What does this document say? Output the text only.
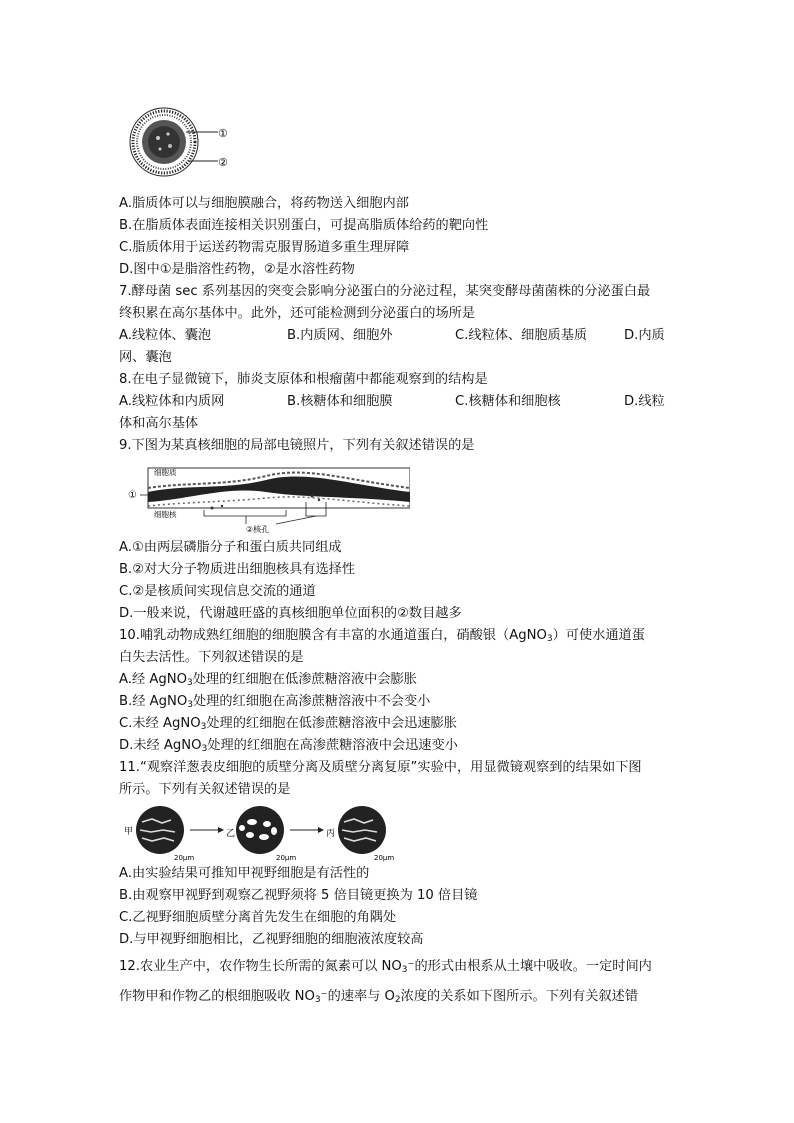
①
②
A.脂质体可以与细胞膜融合，将药物送入细胞内部
B.在脂质体表面连接相关识别蛋白，可提高脂质体给药的靶向性
C.脂质体用于运送药物需克服胃肠道多重生理屏障
D.图中①是脂溶性药物，②是水溶性药物
7.酵母菌 sec 系列基因的突变会影响分泌蛋白的分泌过程，某突变酵母菌菌株的分泌蛋白最
终积累在高尔基体中。此外，还可能检测到分泌蛋白的场所是
A.线粒体、囊泡	B.内质网、细胞外	C.线粒体、细胞质基质	D.内质
网、囊泡
8.在电子显微镜下，肺炎支原体和根瘤菌中都能观察到的结构是
A.线粒体和内质网	B.核糖体和细胞膜	C.核糖体和细胞核	D.线粒
体和高尔基体
9.下图为某真核细胞的局部电镜照片，下列有关叙述错误的是
细胞质
细胞核
①
②核孔
A.①由两层磷脂分子和蛋白质共同组成
B.②对大分子物质进出细胞核具有选择性
C.②是核质间实现信息交流的通道
D.一般来说，代谢越旺盛的真核细胞单位面积的②数目越多
10.哺乳动物成熟红细胞的细胞膜含有丰富的水通道蛋白，硝酸银（AgNO$_3$）可使水通道蛋
白失去活性。下列叙述错误的是
A.经 AgNO$_3$处理的红细胞在低渗蔗糖溶液中会膨胀
B.经 AgNO$_3$处理的红细胞在高渗蔗糖溶液中不会变小
C.未经 AgNO$_3$处理的红细胞在低渗蔗糖溶液中会迅速膨胀
D.未经 AgNO$_3$处理的红细胞在高渗蔗糖溶液中会迅速变小
11.“观察洋葱表皮细胞的质壁分离及质壁分离复原”实验中，用显微镜观察到的结果如下图
所示。下列有关叙述错误的是
甲
20μm
乙
20μm
丙
20μm
A.由实验结果可推知甲视野细胞是有活性的
B.由观察甲视野到观察乙视野须将 5 倍目镜更换为 10 倍目镜
C.乙视野细胞质壁分离首先发生在细胞的角隅处
D.与甲视野细胞相比，乙视野细胞的细胞液浓度较高
12.农业生产中，农作物生长所需的氮素可以 $NO_3^-$的形式由根系从土壤中吸收。一定时间内
作物甲和作物乙的根细胞吸收 $NO_3^-$的速率与 $O_2$浓度的关系如下图所示。下列有关叙述错
